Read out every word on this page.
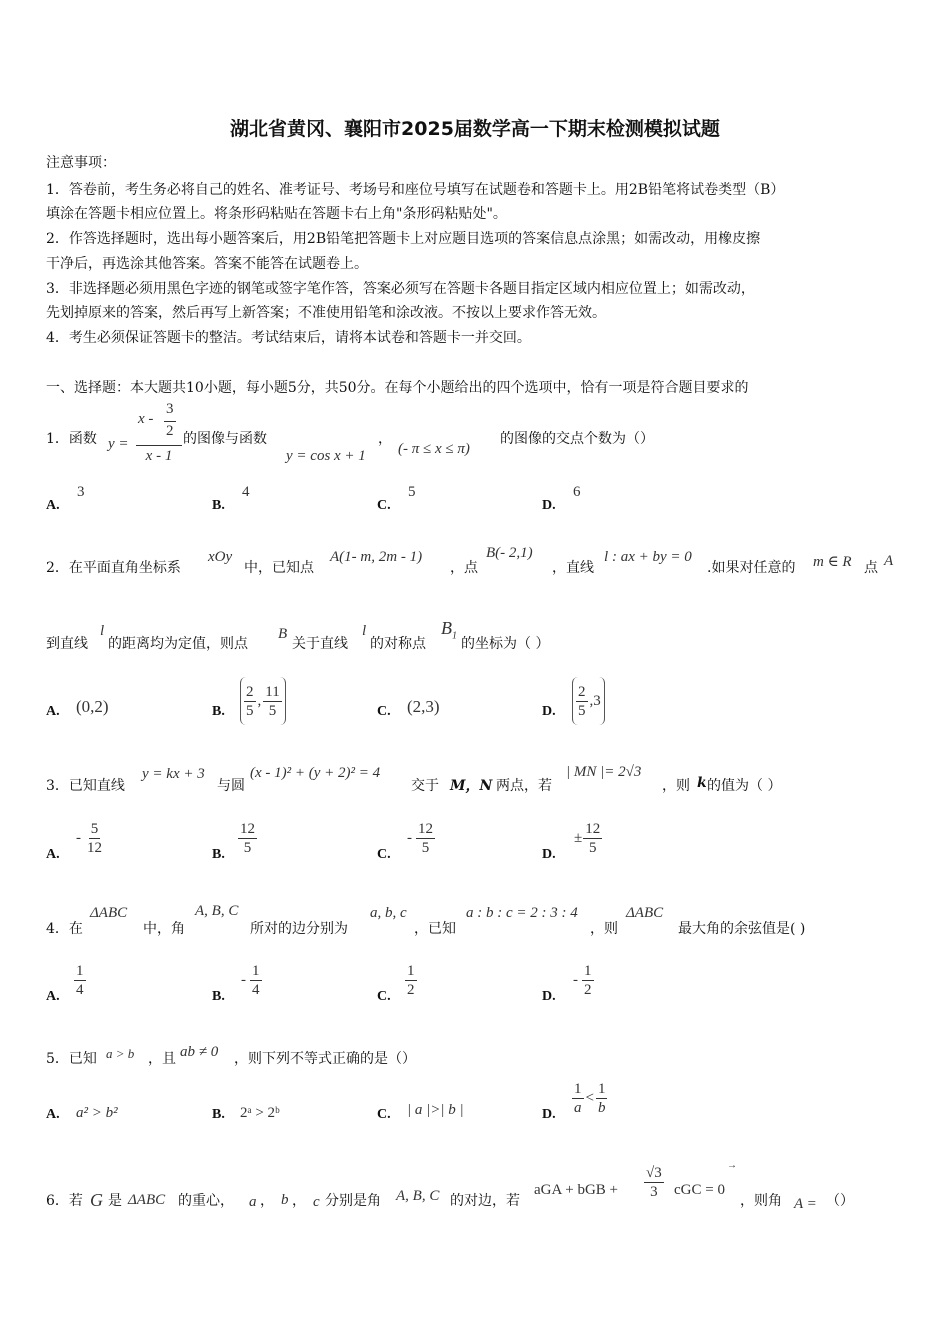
湖北省黄冈、襄阳市2025届数学高一下期末检测模拟试题
注意事项：
1．答卷前，考生务必将自己的姓名、准考证号、考场号和座位号填写在试题卷和答题卡上。用2B铅笔将试卷类型（B）
填涂在答题卡相应位置上。将条形码粘贴在答题卡右上角"条形码粘贴处"。
2．作答选择题时，选出每小题答案后，用2B铅笔把答题卡上对应题目选项的答案信息点涂黑；如需改动，用橡皮擦
干净后，再选涂其他答案。答案不能答在试题卷上。
3．非选择题必须用黑色字迹的钢笔或签字笔作答，答案必须写在答题卡各题目指定区域内相应位置上；如需改动，
先划掉原来的答案，然后再写上新答案；不准使用铅笔和涂改液。不按以上要求作答无效。
4．考生必须保证答题卡的整洁。考试结束后，请将本试卷和答题卡一并交回。
一、选择题：本大题共10小题，每小题5分，共50分。在每个小题给出的四个选项中，恰有一项是符合题目要求的
1．函数 y =
x -
3
2
x - 1
的图像与函数	，
y = cos x + 1 (- π ≤ x ≤ π)
的图像的交点个数为（）
A.
3
B.
4
C.
5
D.
6
2．在平面直角坐标系
xOy
中，已知点
A(1- m, 2m - 1)
，点
B(- 2,1)
，直线
l : ax + by = 0
.如果对任意的 m ∈ R 点 A
到直线
l
的距离均为定值，则点
B
关于直线
l
的对称点
$B_1$ 的坐标为（ ）
A. (0,2)	B. $\frac{2}{5}$ , $\frac{11}{5}$	C. (2,3)	D. $\frac{2}{5}$ , 3
3．已知直线
y = kx + 3
与圆
(x - 1)² + (y + 2)² = 4
交于 M，N 两点，若
| MN |= 2√3
，则 k 的值为（ ）
A.
- $\frac{5}{12}$	B. $\frac{12}{5}$	C.
- $\frac{12}{5}$	D.
± $\frac{12}{5}$
4．在
ΔABC
中，角
A, B, C
所对的边分别为
a, b, c
，已知
a : b : c = 2 : 3 : 4
，则
ΔABC
最大角的余弦值是( )
A. $\frac{1}{4}$	B.
- $\frac{1}{4}$	C. $\frac{1}{2}$	D.
- $\frac{1}{2}$
5．已知 a > b ，且 ab ≠ 0 ，则下列不等式正确的是（）
A. a² > b²	B. 2ᵃ > 2ᵇ	C. | a |>| b |	D. $\frac{1}{a} < \frac{1}{b}$
6．若 G 是 ΔABC 的重心， a ， b ， c 分别是角 A, B, C 的对边，若
aGA + bGB + $\frac{√3}{3}$ cGC = 0
→
，则角 A = （）
